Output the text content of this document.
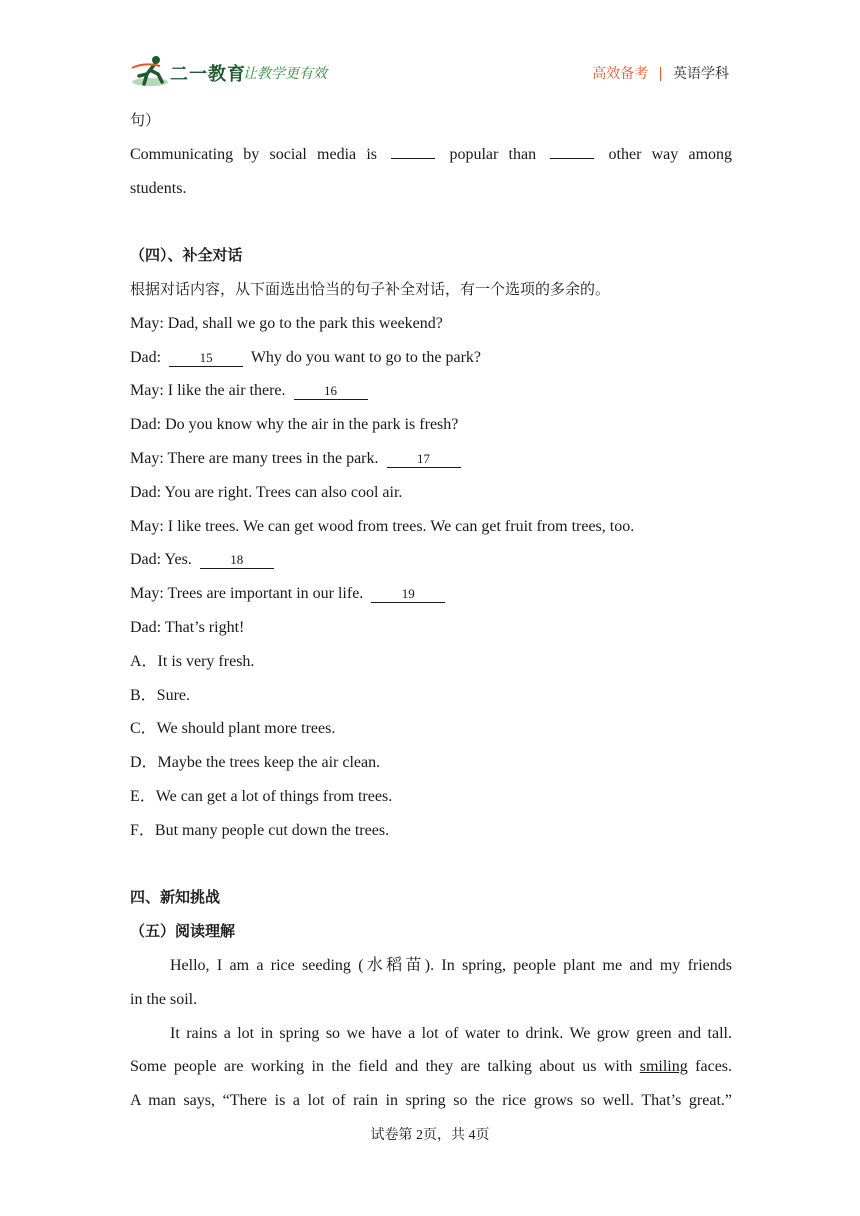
二一教育
让教学更有效	高效备考 | 英语学科
句）
Communicating by social media is	popular than	other way among
students.
（四）、补全对话
根据对话内容，从下面选出恰当的句子补全对话，有一个选项的多余的。
May: Dad, shall we go to the park this weekend?
Dad:	15 Why do you want to go to the park?
May: I like the air there.	16
Dad: Do you know why the air in the park is fresh?
May: There are many trees in the park.	17
Dad: You are right. Trees can also cool air.
May: I like trees. We can get wood from trees. We can get fruit from trees, too.
Dad: Yes.	18
May: Trees are important in our life.	19
Dad: That’s right!
A．It is very fresh.
B．Sure.
C．We should plant more trees.
D．Maybe the trees keep the air clean.
E．We can get a lot of things from trees.
F．But many people cut down the trees.
四、新知挑战
（五）阅读理解
Hello, I am a rice seeding (水稻苗). In spring, people plant me and my friends
in the soil.
It rains a lot in spring so we have a lot of water to drink. We grow green and tall.
Some people are working in the field and they are talking about us with smiling faces.
A man says, “There is a lot of rain in spring so the rice grows so well. That’s great.”
试卷第 2页，共 4页
